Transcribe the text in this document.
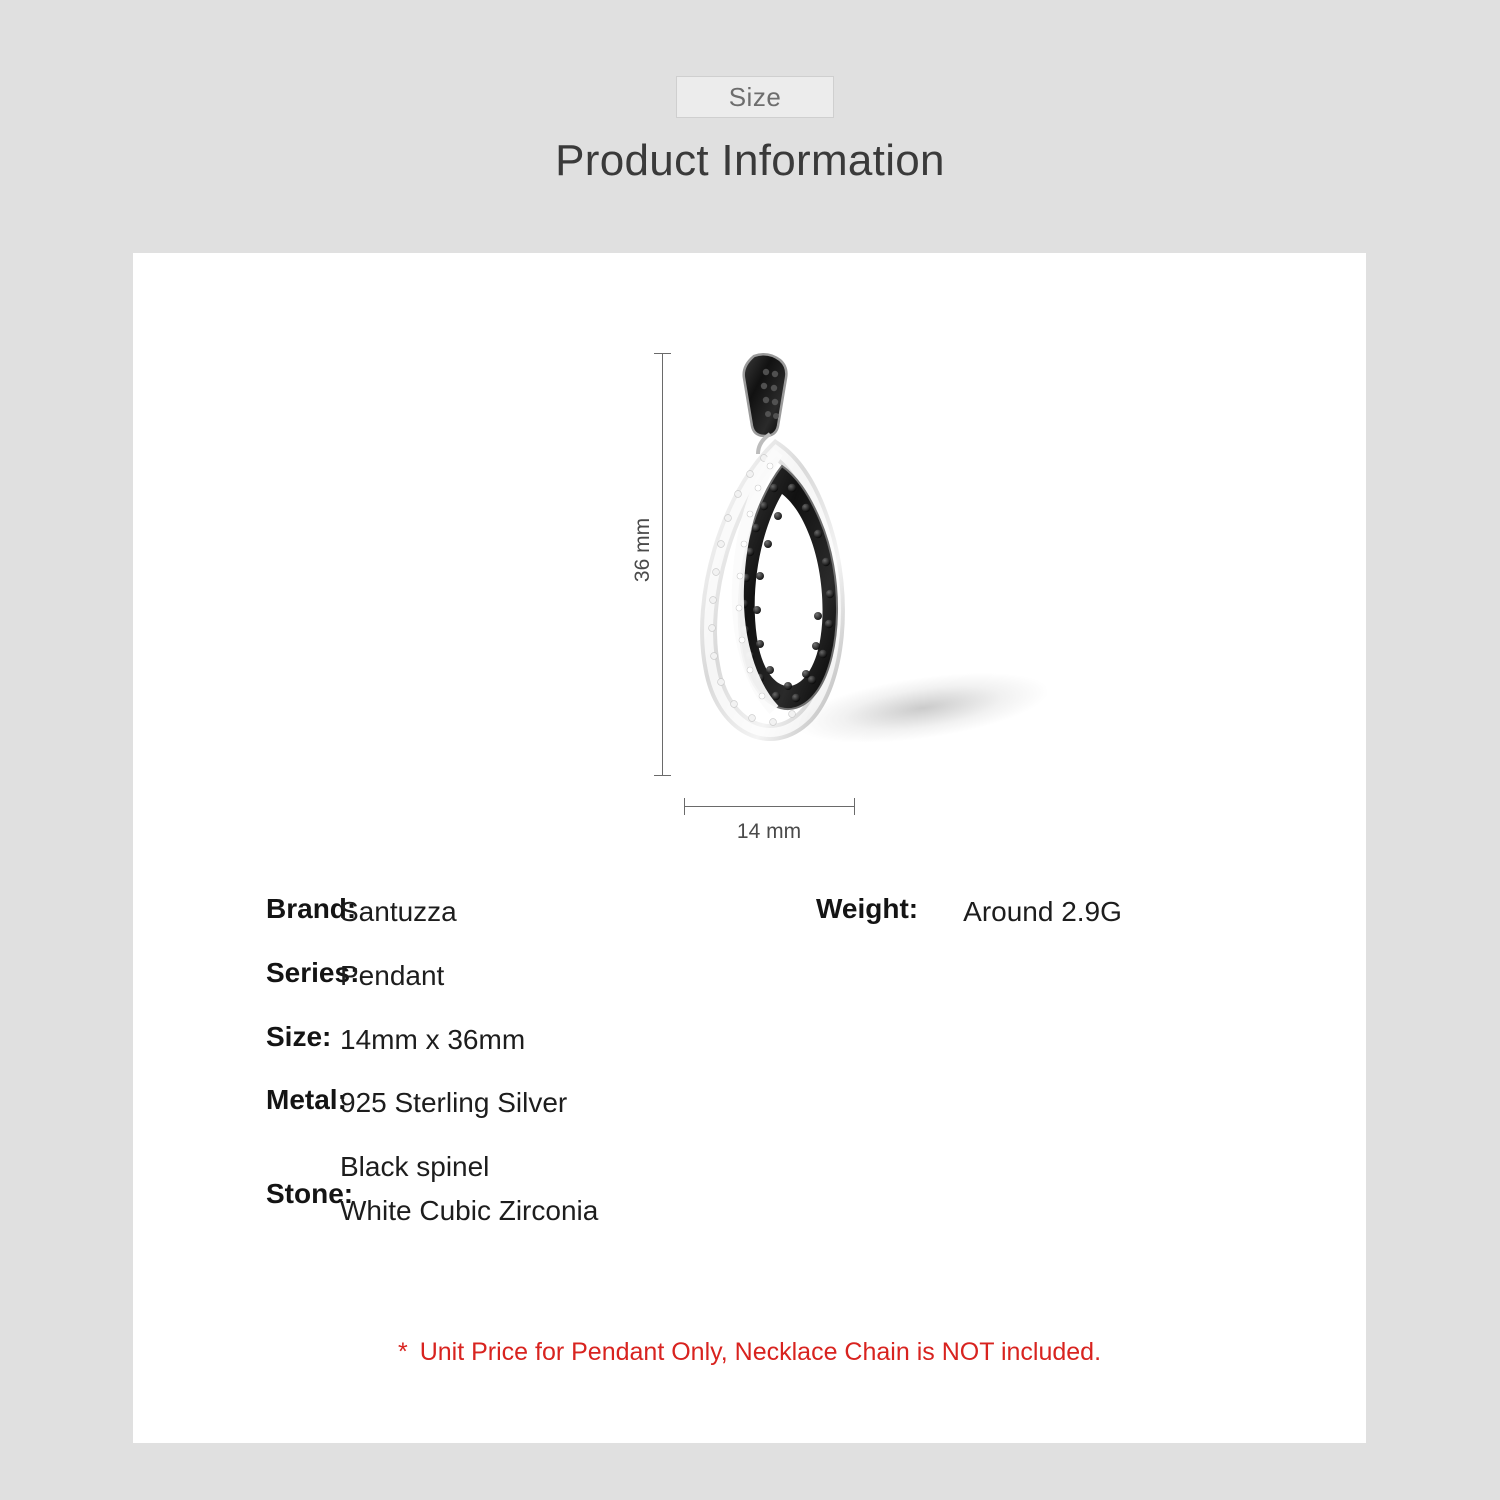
Size
Product Information
36 mm
14 mm
Brand:
Santuzza	Weight:	Around 2.9G
Series:
Pendant
Size: 14mm x 36mm
Metal:
925 Sterling Silver
Stone:
Black spinel
White Cubic Zirconia
* Unit Price for Pendant Only, Necklace Chain is NOT included.
